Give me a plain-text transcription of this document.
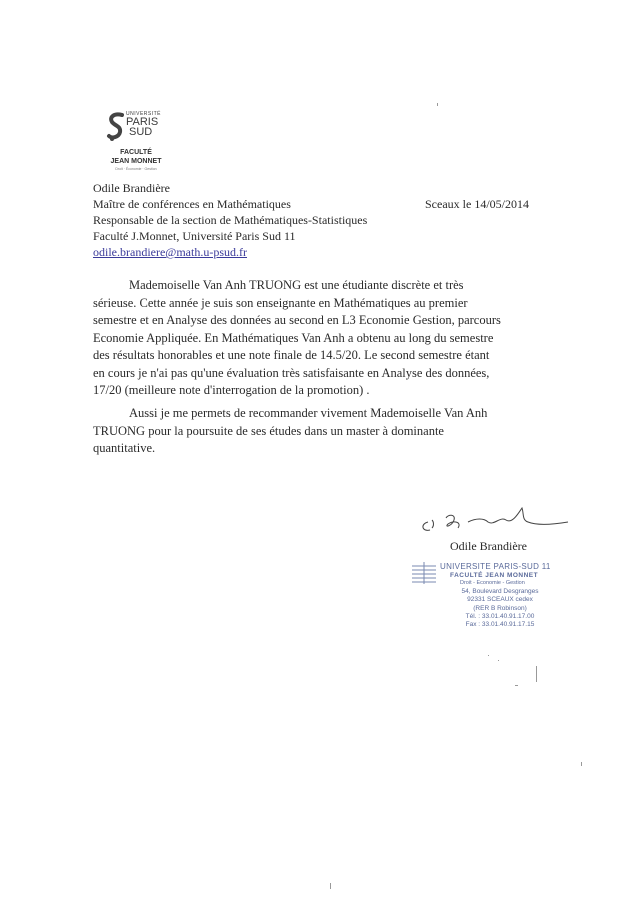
UNIVERSITÉ
PARIS
SUD
FACULTÉ
JEAN MONNET
Droit · Économie · Gestion
Odile Brandière
Maître de conférences en Mathématiques
Responsable de la section de Mathématiques-Statistiques
Faculté J.Monnet, Université Paris Sud 11
odile.brandiere@math.u-psud.fr
Sceaux le 14/05/2014
Mademoiselle Van Anh TRUONG est une étudiante discrète et très
sérieuse. Cette année je suis son enseignante en Mathématiques au premier
semestre et en Analyse des données au second en L3 Economie Gestion, parcours
Economie Appliquée. En Mathématiques Van Anh a obtenu au long du semestre
des résultats honorables et une note finale de 14.5/20. Le second semestre étant
en cours je n'ai pas qu'une évaluation très satisfaisante en Analyse des données,
17/20 (meilleure note d'interrogation de la promotion) .
Aussi je me permets de recommander vivement Mademoiselle Van Anh
TRUONG pour la poursuite de ses études dans un master à dominante
quantitative.
Odile Brandière
UNIVERSITE PARIS-SUD 11
FACULTÉ JEAN MONNET
Droit - Economie - Gestion
54, Boulevard Desgranges
92331 SCEAUX cedex
(RER B Robinson)
Tél. : 33.01.40.91.17.00
Fax : 33.01.40.91.17.15
